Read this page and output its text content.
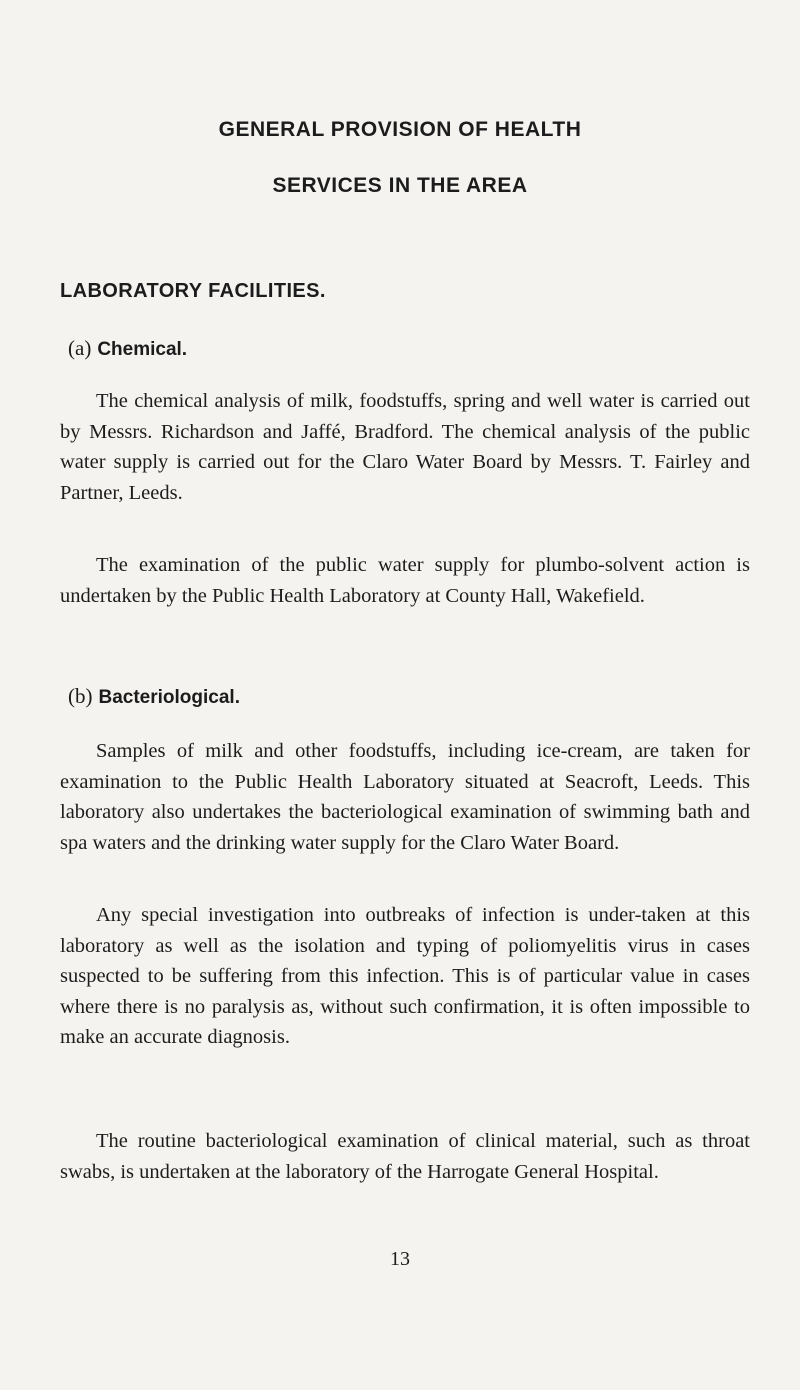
GENERAL PROVISION OF HEALTH
SERVICES IN THE AREA
LABORATORY FACILITIES.
(a) Chemical.

The chemical analysis of milk, foodstuffs, spring and well water is carried out by Messrs. Richardson and Jaffé, Bradford. The chemical analysis of the public water supply is carried out for the Claro Water Board by Messrs. T. Fairley and Partner, Leeds.

The examination of the public water supply for plumbo-solvent action is undertaken by the Public Health Laboratory at County Hall, Wakefield.

(b) Bacteriological.

Samples of milk and other foodstuffs, including ice-cream, are taken for examination to the Public Health Laboratory situated at Seacroft, Leeds. This laboratory also undertakes the bacteriological examination of swimming bath and spa waters and the drinking water supply for the Claro Water Board.

Any special investigation into outbreaks of infection is under-taken at this laboratory as well as the isolation and typing of poliomyelitis virus in cases suspected to be suffering from this infection. This is of particular value in cases where there is no paralysis as, without such confirmation, it is often impossible to make an accurate diagnosis.

The routine bacteriological examination of clinical material, such as throat swabs, is undertaken at the laboratory of the Harrogate General Hospital.

13
